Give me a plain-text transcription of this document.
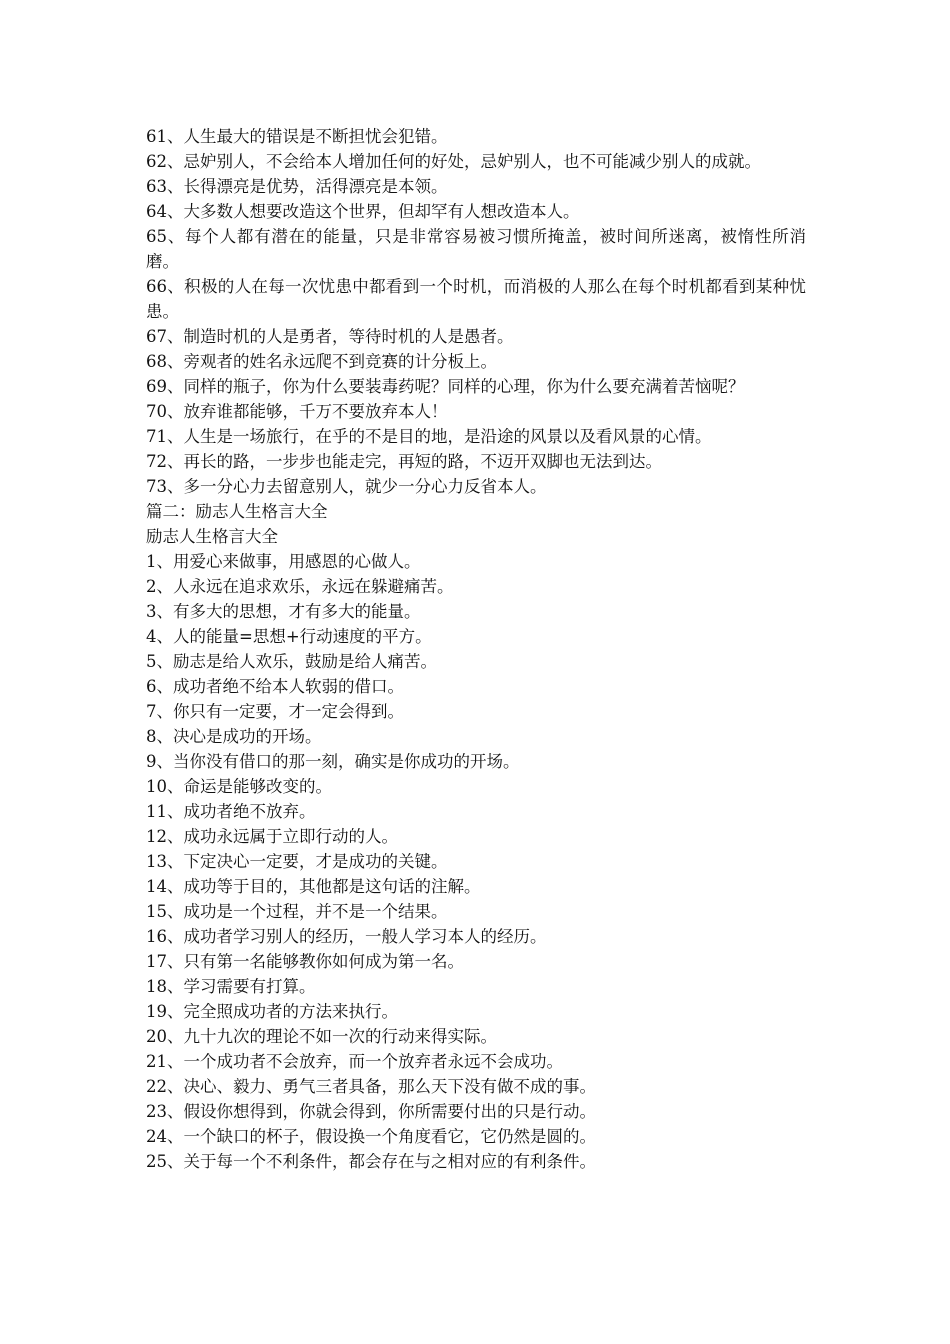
61、人生最大的错误是不断担忧会犯错。

62、忌妒别人，不会给本人增加任何的好处，忌妒别人，也不可能减少别人的成就。

63、长得漂亮是优势，活得漂亮是本领。

64、大多数人想要改造这个世界，但却罕有人想改造本人。

65、每个人都有潜在的能量，只是非常容易被习惯所掩盖，被时间所迷离，被惰性所消磨。

66、积极的人在每一次忧患中都看到一个时机，而消极的人那么在每个时机都看到某种忧患。

67、制造时机的人是勇者，等待时机的人是愚者。

68、旁观者的姓名永远爬不到竞赛的计分板上。

69、同样的瓶子，你为什么要装毒药呢？同样的心理，你为什么要充满着苦恼呢？

70、放弃谁都能够，千万不要放弃本人！

71、人生是一场旅行，在乎的不是目的地，是沿途的风景以及看风景的心情。

72、再长的路，一步步也能走完，再短的路，不迈开双脚也无法到达。

73、多一分心力去留意别人，就少一分心力反省本人。

篇二：励志人生格言大全

励志人生格言大全

1、用爱心来做事，用感恩的心做人。

2、人永远在追求欢乐，永远在躲避痛苦。

3、有多大的思想，才有多大的能量。

4、人的能量=思想+行动速度的平方。

5、励志是给人欢乐，鼓励是给人痛苦。

6、成功者绝不给本人软弱的借口。

7、你只有一定要，才一定会得到。

8、决心是成功的开场。

9、当你没有借口的那一刻，确实是你成功的开场。

10、命运是能够改变的。

11、成功者绝不放弃。

12、成功永远属于立即行动的人。

13、下定决心一定要，才是成功的关键。

14、成功等于目的，其他都是这句话的注解。

15、成功是一个过程，并不是一个结果。

16、成功者学习别人的经历，一般人学习本人的经历。

17、只有第一名能够教你如何成为第一名。

18、学习需要有打算。

19、完全照成功者的方法来执行。

20、九十九次的理论不如一次的行动来得实际。

21、一个成功者不会放弃，而一个放弃者永远不会成功。

22、决心、毅力、勇气三者具备，那么天下没有做不成的事。

23、假设你想得到，你就会得到，你所需要付出的只是行动。

24、一个缺口的杯子，假设换一个角度看它，它仍然是圆的。

25、关于每一个不利条件，都会存在与之相对应的有利条件。
